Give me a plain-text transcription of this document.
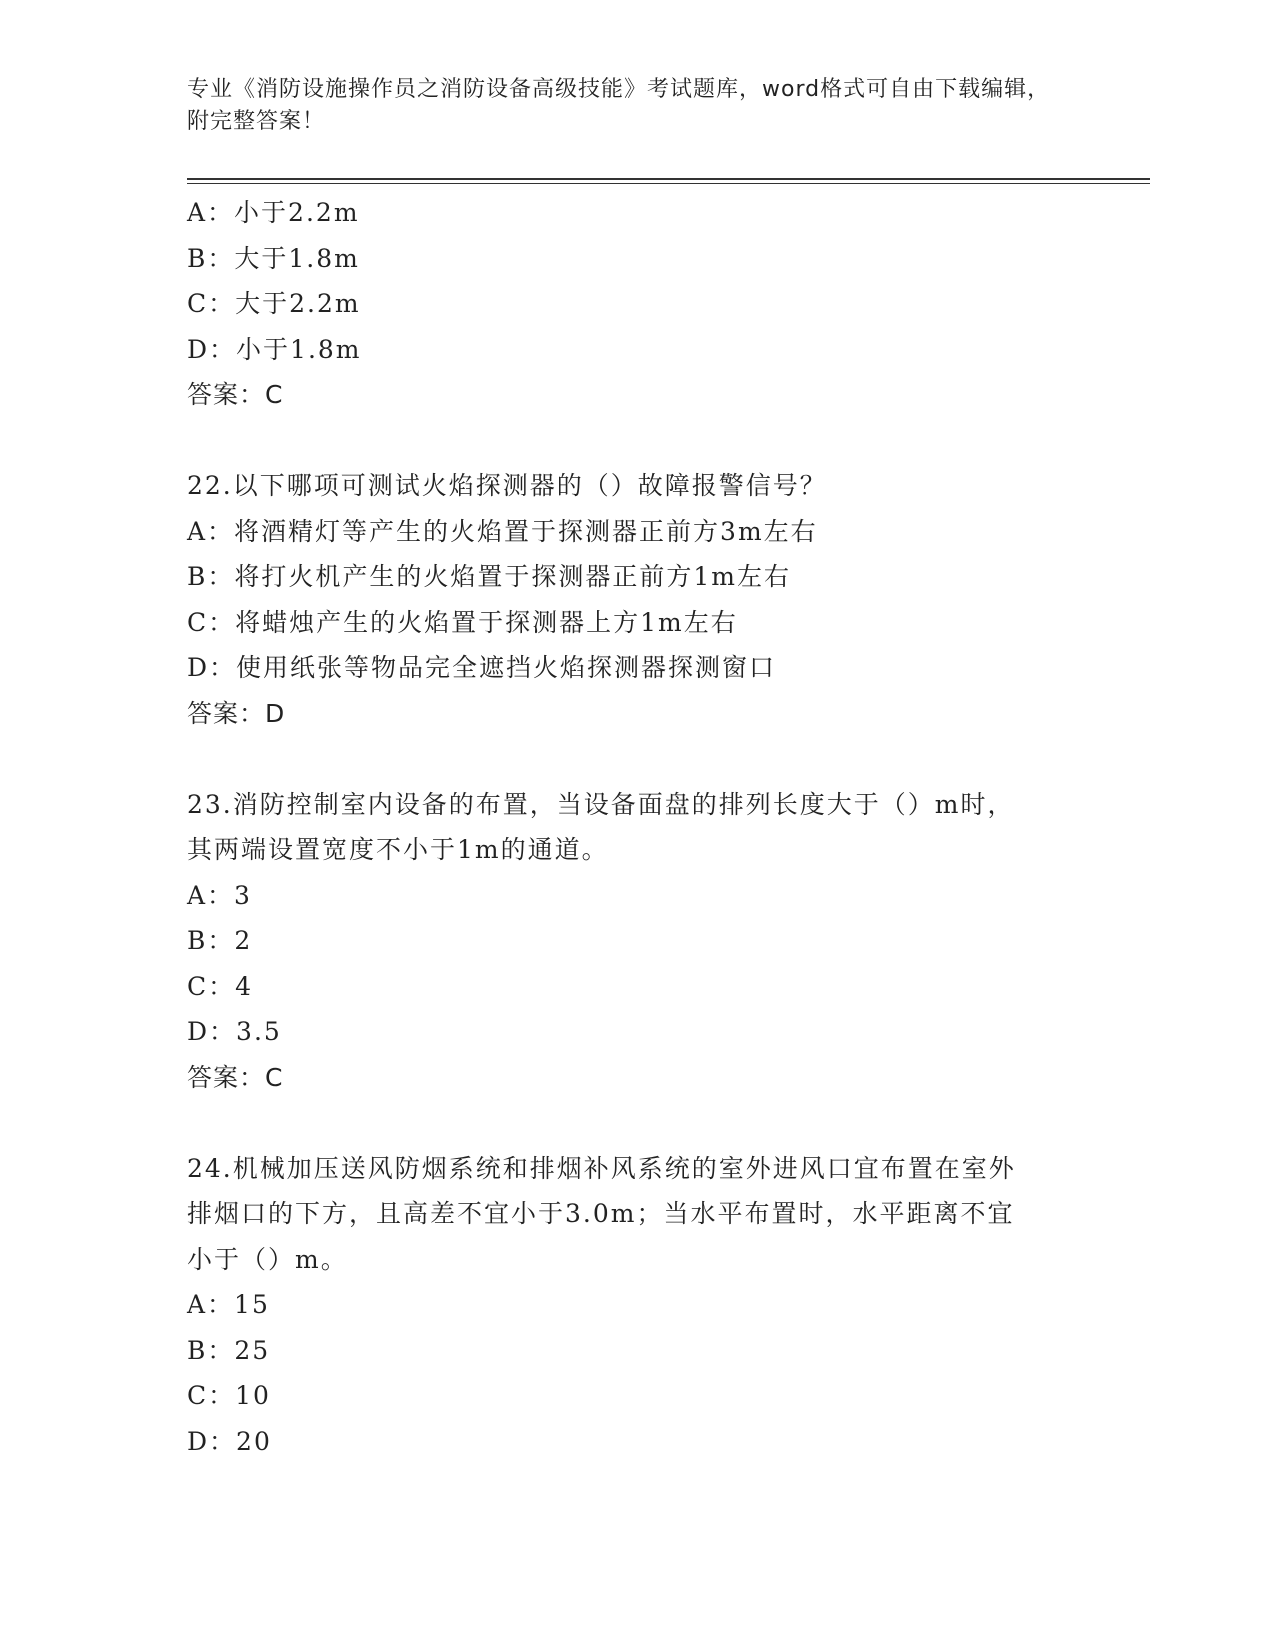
专业《消防设施操作员之消防设备高级技能》考试题库，word格式可自由下载编辑，附完整答案！
A：小于2.2m
B：大于1.8m
C：大于2.2m
D：小于1.8m
答案：C
22.以下哪项可测试火焰探测器的（）故障报警信号？
A：将酒精灯等产生的火焰置于探测器正前方3m左右
B：将打火机产生的火焰置于探测器正前方1m左右
C：将蜡烛产生的火焰置于探测器上方1m左右
D：使用纸张等物品完全遮挡火焰探测器探测窗口
答案：D
23.消防控制室内设备的布置，当设备面盘的排列长度大于（）m时，
其两端设置宽度不小于1m的通道。
A：3
B：2
C：4
D：3.5
答案：C
24.机械加压送风防烟系统和排烟补风系统的室外进风口宜布置在室外
排烟口的下方，且高差不宜小于3.0m；当水平布置时，水平距离不宜
小于（）m。
A：15
B：25
C：10
D：20
